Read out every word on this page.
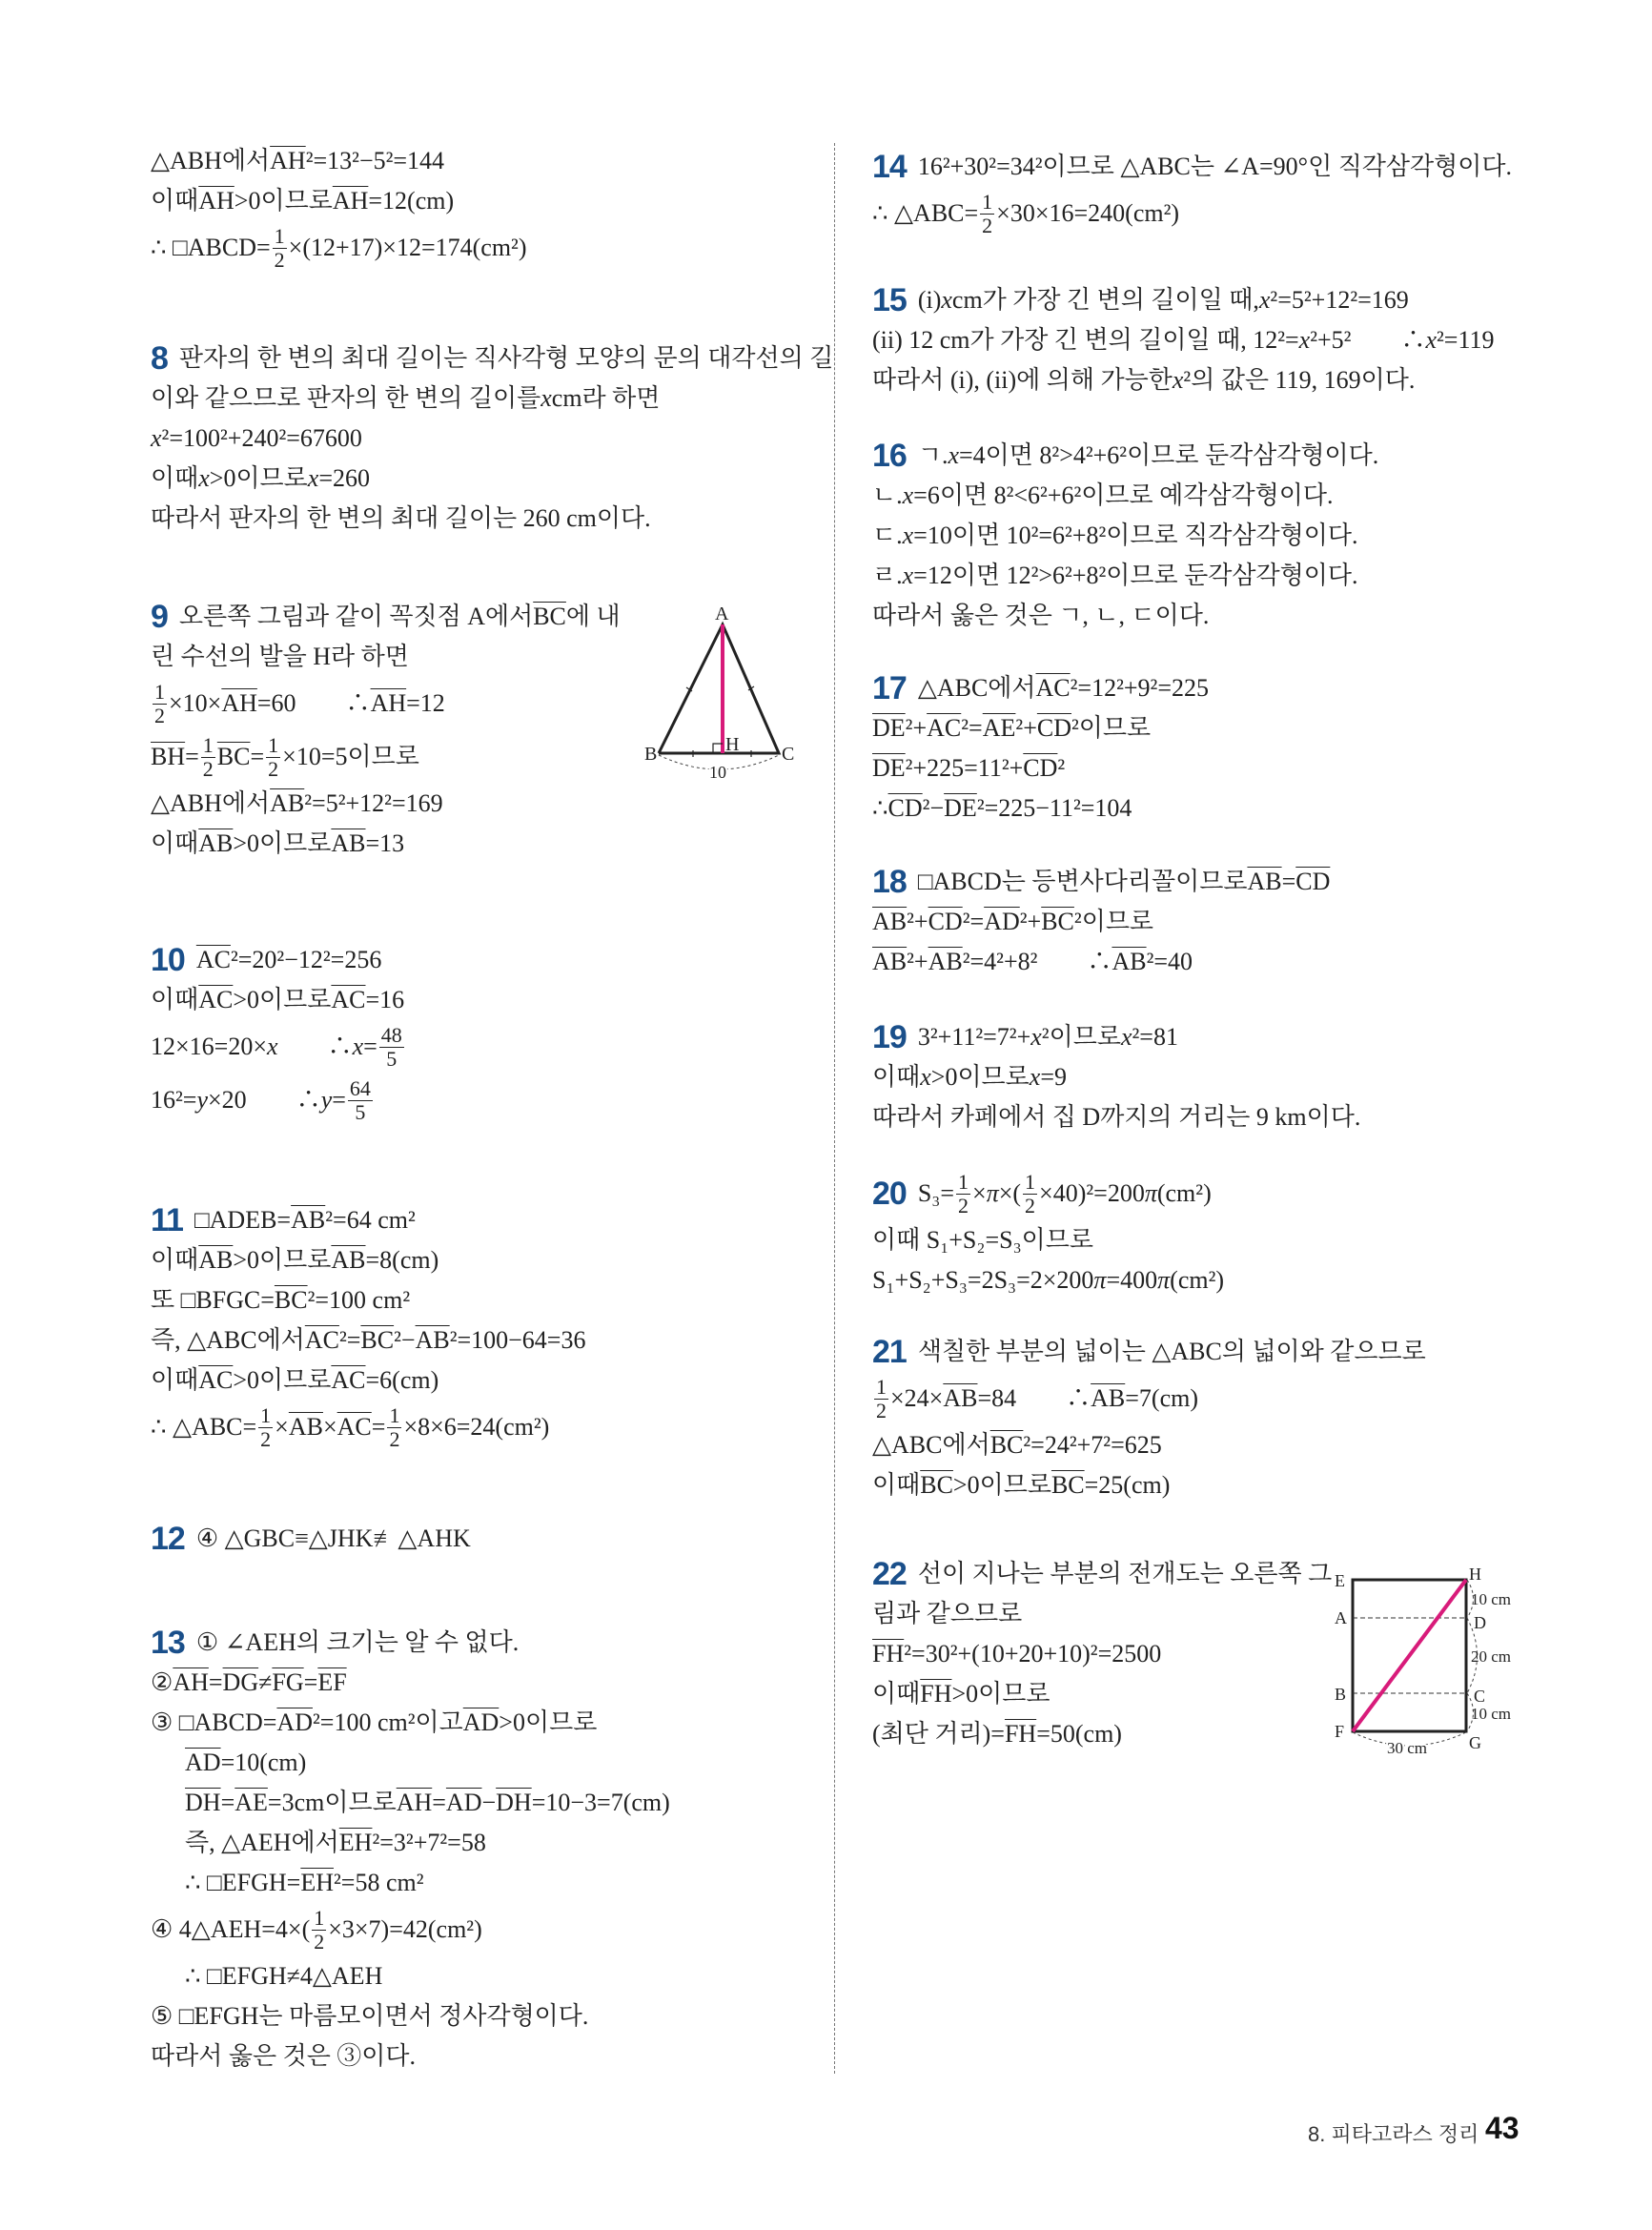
△ABH에서 $\overline{AH}$ ²=13²−5²=144
이때 $\overline{AH} >0$이므로 $\overline{AH} =12(cm)$
∴ □ABCD= $\frac{1}{2} \times(12+17)\times 12=174(cm^2)$
8 판자의 한 변의 최대 길이는 직사각형 모양의 문의 대각선의 길
이와 같으므로 판자의 한 변의 길이를 x cm라 하면
x ²=100²+240²=67600
이때 x >0이므로 x =260
따라서 판자의 한 변의 최대 길이는 260 cm이다.
9 오른쪽 그림과 같이 꼭짓점 A에서 $\overline{BC}$ 에 내
린 수선의 발을 H라 하면
$\frac{1}{2} \times 10\times \overline{AH} =60$　　∴ $\overline{AH} =12$
$\overline{BH} = \frac{1}{2} \overline{BC} = \frac{1}{2} \times 10=5$이므로
△ABH에서 $\overline{AB}$ ²=5²+12²=169
이때 $\overline{AB} >0$이므로 $\overline{AB} =13$
10 $\overline{AC}$ ²=20²−12²=256
이때 $\overline{AC} >0$이므로 $\overline{AC} =16$
12×16=20× x 　　∴ $x = \frac{48}{5}$
16²= y ×20　　∴ $y = \frac{64}{5}$
11 □ADEB= $\overline{AB}$ ²=64 cm²
이때 $\overline{AB} >0$이므로 $\overline{AB} =8(cm)$
또 □BFGC= $\overline{BC}$ ²=100 cm²
즉, △ABC에서 $\overline{AC}$ $^2= \overline{BC}$ $^2- \overline{AB}$ ²=100−64=36
이때 $\overline{AC} >0$이므로 $\overline{AC} =6(cm)$
∴ △ABC= $\frac{1}{2} \times \overline{AB} \times \overline{AC} = \frac{1}{2} \times 8\times 6=24(cm^2)$
12 ④ △GBC≡△JHK≢△AHK
13 ① ∠AEH의 크기는 알 수 없다.
② $\overline{AH} = \overline{DG} \ne \overline{FG} = \overline{EF}$
③ □ABCD= $\overline{AD}$ ²=100 cm²이고 $\overline{AD} >0$이므로
$\overline{AD} =10(cm)$
$\overline{DH} = \overline{AE} =3cm$이므로 $\overline{AH} = \overline{AD} - \overline{DH} =10-3=7(cm)$
즉, △AEH에서 $\overline{EH}$ ²=3²+7²=58
∴ □EFGH= $\overline{EH}$ ²=58 cm²
④ 4△AEH=4×( $\frac{1}{2} \times 3\times 7)=42(cm^2)$
∴ □EFGH≠4△AEH
⑤ □EFGH는 마름모이면서 정사각형이다.
따라서 옳은 것은 ③이다.
14 16²+30²=34²이므로 △ABC는 ∠A=90°인 직각삼각형이다.
∴ △ABC= $\frac{1}{2} \times 30\times 16=240(cm^2)$
15 (i) x cm가 가장 긴 변의 길이일 때, x ²=5²+12²=169
(ii) 12 cm가 가장 긴 변의 길이일 때, 12²= x ²+5²　　∴ x ²=119
따라서 (i), (ii)에 의해 가능한 x ²의 값은 119, 169이다.
16 ㄱ. x =4이면 8²>4²+6²이므로 둔각삼각형이다.
ㄴ. x =6이면 8²<6²+6²이므로 예각삼각형이다.
ㄷ. x =10이면 10²=6²+8²이므로 직각삼각형이다.
ㄹ. x =12이면 12²>6²+8²이므로 둔각삼각형이다.
따라서 옳은 것은 ㄱ, ㄴ, ㄷ이다.
17 △ABC에서 $\overline{AC}$ ²=12²+9²=225
$\overline{DE}$ $^2+ \overline{AC}$ $^2= \overline{AE}$ $^2+ \overline{CD}$ ²이므로
$\overline{DE}$ $^2+225=11^2+ \overline{CD}$ ²
∴ $\overline{CD}$ $^2- \overline{DE}$ ²=225−11²=104
18 □ABCD는 등변사다리꼴이므로 $\overline{AB} = \overline{CD}$
$\overline{AB}$ $^2+ \overline{CD}$ $^2= \overline{AD}$ $^2+ \overline{BC}$ ²이므로
$\overline{AB}$ $^2+ \overline{AB}$ ²=4²+8²　　∴ $\overline{AB}$ ²=40
19 3²+11²=7²+ x ²이므로 x ²=81
이때 x >0이므로 x =9
따라서 카페에서 집 D까지의 거리는 9 km이다.
20 $S_3= \frac{1}{2} \times \pi$ ×( $\frac{1}{2} \times 40)^2=200$ π (cm²)
이때 S₁+S₂=S₃이므로
S₁+S₂+S₃=2S₃=2×200 π =400 π (cm²)
21 색칠한 부분의 넓이는 △ABC의 넓이와 같으므로
$\frac{1}{2} \times 24\times \overline{AB} =84$　　∴ $\overline{AB} =7(cm)$
△ABC에서 $\overline{BC}$ ²=24²+7²=625
이때 $\overline{BC} >0$이므로 $\overline{BC} =25(cm)$
22 선이 지나는 부분의 전개도는 오른쪽 그
림과 같으므로
$\overline{FH}$ ²=30²+(10+20+10)²=2500
이때 $\overline{FH} >0$이므로
(최단 거리)= $\overline{FH} =50(cm)$
A
B	C
H
10
E
A
B
F
H
D
C
G
10 cm
20 cm
10 cm
30 cm
8. 피타고라스 정리 43
